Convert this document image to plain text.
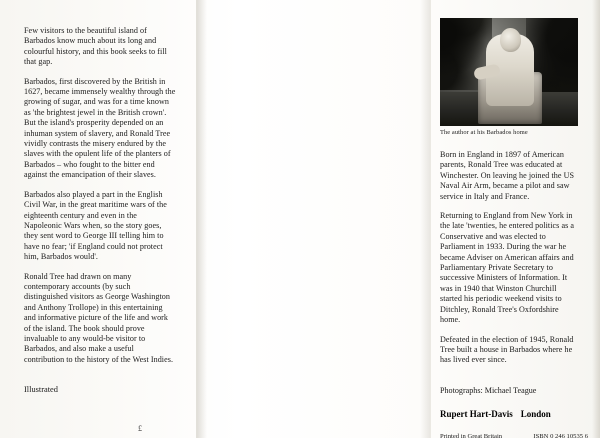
Few visitors to the beautiful island of Barbados know much about its long and colourful history, and this book seeks to fill that gap.

Barbados, first discovered by the British in 1627, became immensely wealthy through the growing of sugar, and was for a time known as 'the brightest jewel in the British crown'. But the island's prosperity depended on an inhuman system of slavery, and Ronald Tree vividly contrasts the misery endured by the slaves with the opulent life of the planters of Barbados – who fought to the bitter end against the emancipation of their slaves.

Barbados also played a part in the English Civil War, in the great maritime wars of the eighteenth century and even in the Napoleonic Wars when, so the story goes, they sent word to George III telling him to have no fear; 'if England could not protect him, Barbados would'.

Ronald Tree had drawn on many contemporary accounts (by such distinguished visitors as George Washington and Anthony Trollope) in this entertaining and informative picture of the life and work of the island. The book should prove invaluable to any would-be visitor to Barbados, and also make a useful contribution to the history of the West Indies.

Illustrated
£
The author at his Barbados home

Born in England in 1897 of American parents, Ronald Tree was educated at Winchester. On leaving he joined the US Naval Air Arm, became a pilot and saw service in Italy and France.

Returning to England from New York in the late 'twenties, he entered politics as a Conservative and was elected to Parliament in 1933. During the war he became Adviser on American affairs and Parliamentary Private Secretary to successive Ministers of Information. It was in 1940 that Winston Churchill started his periodic weekend visits to Ditchley, Ronald Tree's Oxfordshire home.

Defeated in the election of 1945, Ronald Tree built a house in Barbados where he has lived ever since.

Photographs: Michael Teague
Rupert Hart-Davis London
Printed in Great Britain	ISBN 0 246 10535 6
